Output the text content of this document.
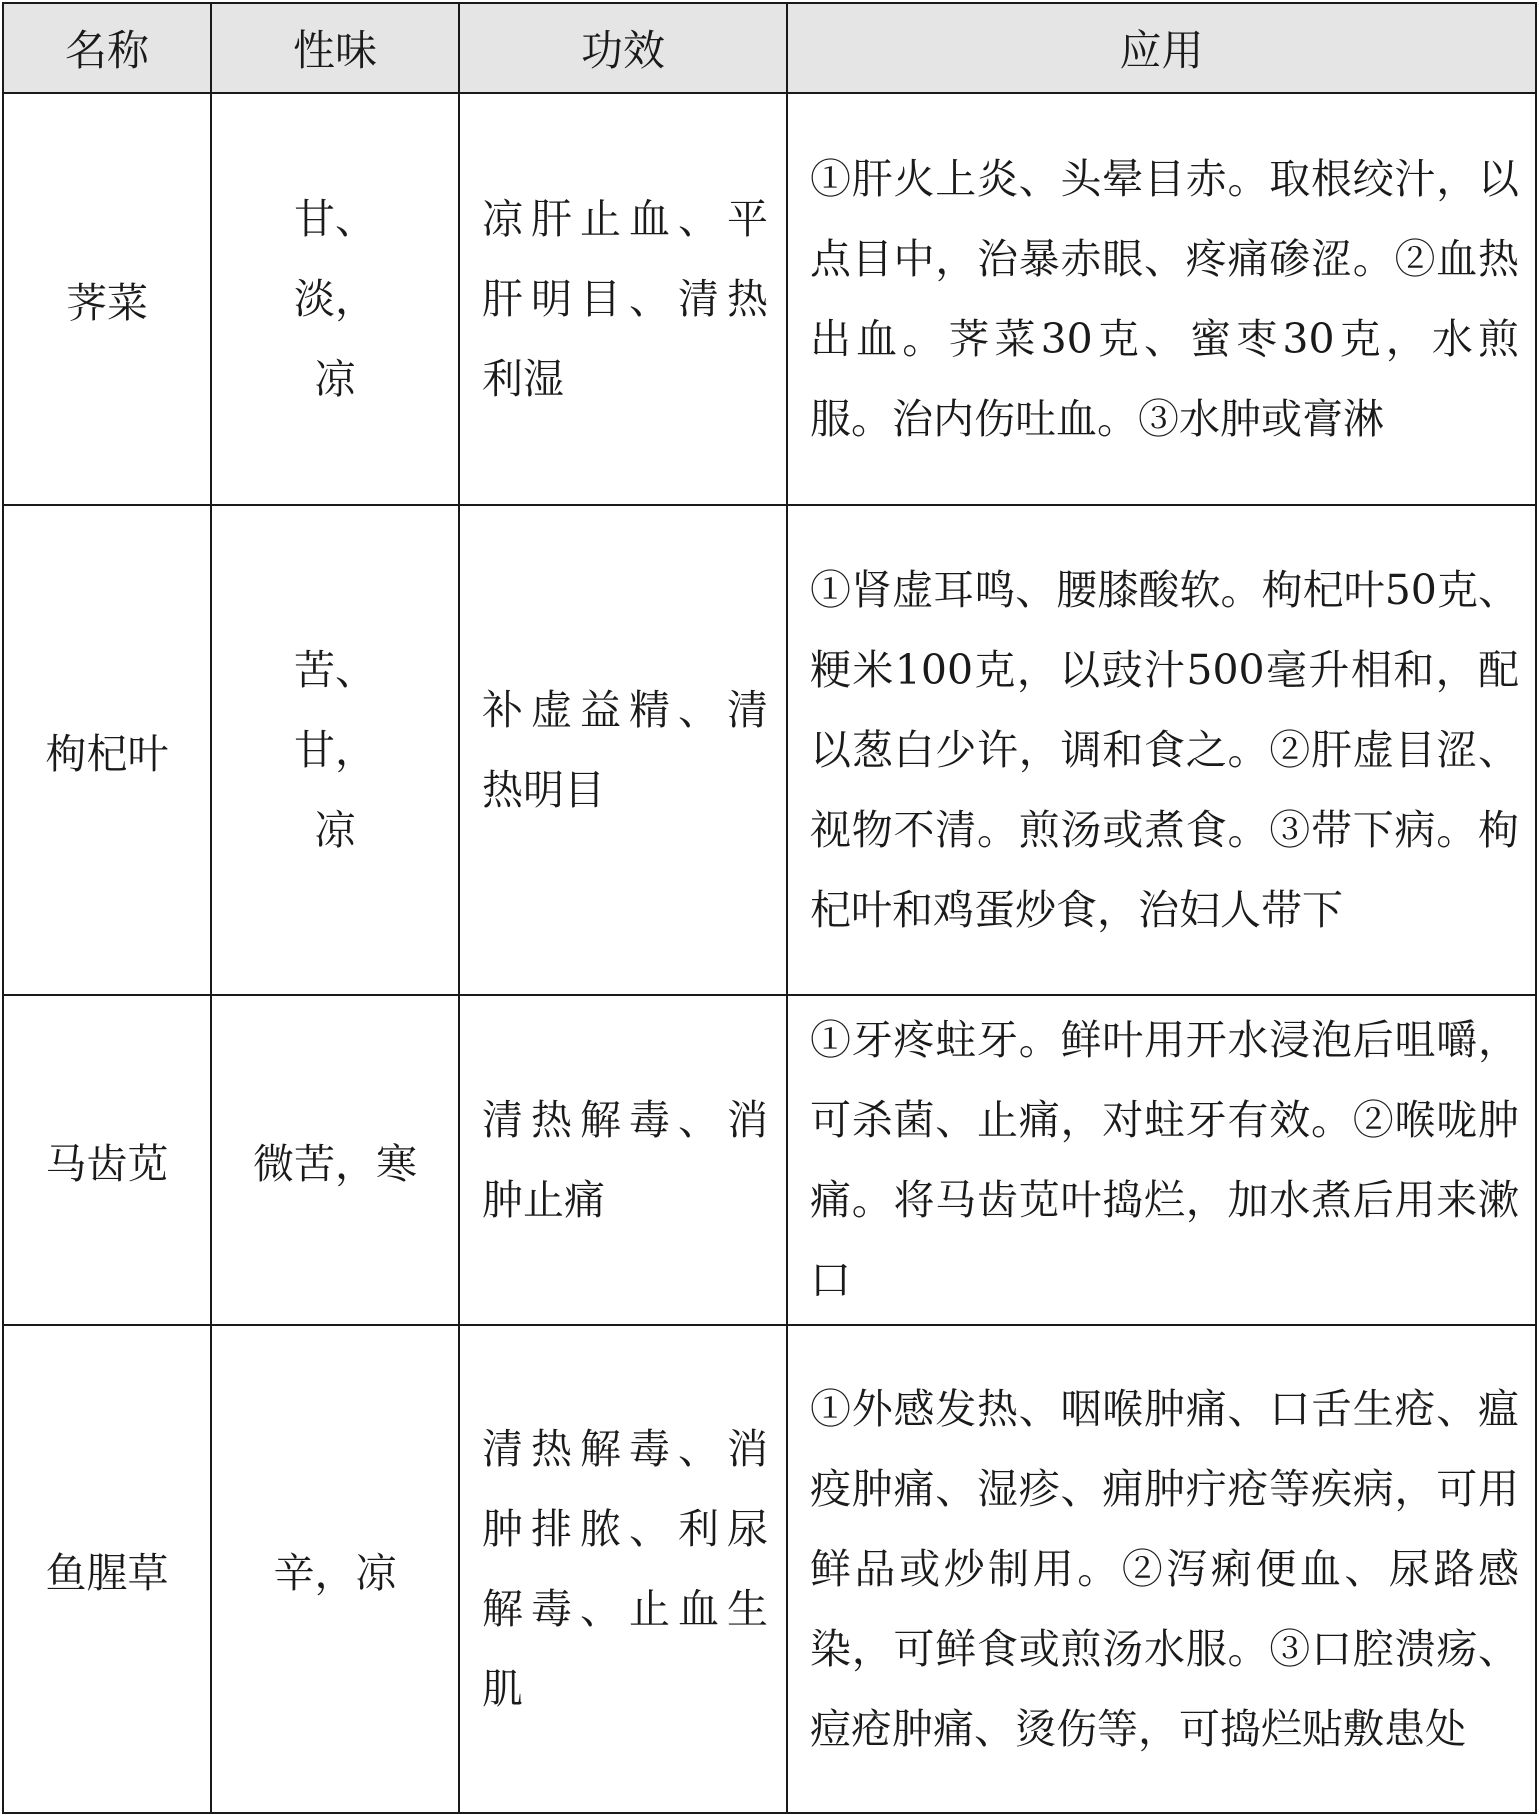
名称	性味	功效	应用
荠菜	甘、淡，凉	凉肝止血、平肝明目、清热利湿	①肝火上炎、头晕目赤。取根绞汁，以点目中，治暴赤眼、疼痛碜涩。②血热出血。荠菜30克、蜜枣30克，水煎服。治内伤吐血。③水肿或膏淋
枸杞叶	苦、甘，凉	补虚益精、清热明目	①肾虚耳鸣、腰膝酸软。枸杞叶50克、粳米100克，以豉汁500毫升相和，配以葱白少许，调和食之。②肝虚目涩、视物不清。煎汤或煮食。③带下病。枸杞叶和鸡蛋炒食，治妇人带下
马齿苋	微苦，寒	清热解毒、消肿止痛	①牙疼蛀牙。鲜叶用开水浸泡后咀嚼，可杀菌、止痛，对蛀牙有效。②喉咙肿痛。将马齿苋叶捣烂，加水煮后用来漱口
鱼腥草	辛，凉	清热解毒、消肿排脓、利尿解毒、止血生肌	①外感发热、咽喉肿痛、口舌生疮、瘟疫肿痛、湿疹、痈肿疔疮等疾病，可用鲜品或炒制用。②泻痢便血、尿路感染，可鲜食或煎汤水服。③口腔溃疡、痘疮肿痛、烫伤等，可捣烂贴敷患处
